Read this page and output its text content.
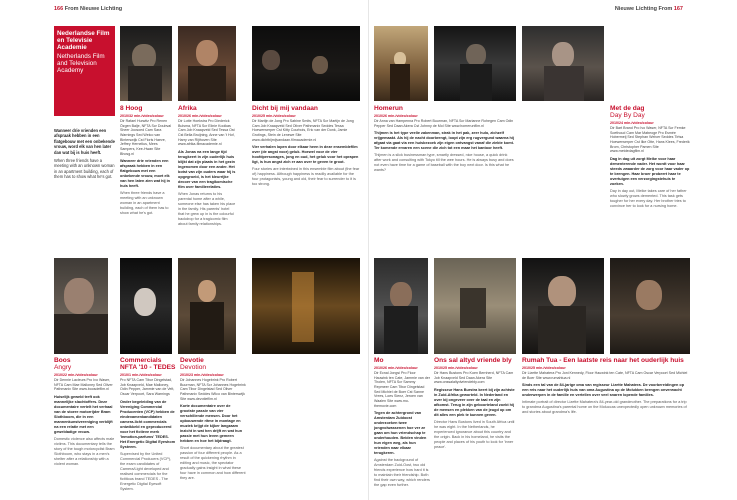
166 From Nieuwe Lichting	Nieuwe Lichting From 167
Nederlandse Film en Televisie Academie
Netherlands Film and Television Academy
Wanneer drie vrienden een afspraak hebben in een flatgebouw met een onbekende vrouw, word elk van hen later dan wat bij is huis heeft.
When three friends have a meeting with an unknown woman in an apartment building, each of them has to show what he's got.
8 Hoog
2010/32 min./video/colour
Dir Rafael Hurwitz Pro Renen Özgen Balje, NFTA Scr Doubval Sheer Joosoed Cam Sara Warnings Sed Welco van Binterswijk Cst Floris Haeve, Jeffrey Hernelius, Mees Sampers, Kee-Hwan Site Bhosg.nl
Wanneer drie vrienden een afspraak hebben in een flatgebouw met een onbekende vrouw, moet elk van hen laten zien wat hij in huis heeft.
When three friends have a meeting with an unknown woman in an apartment building, each of them has to show what he's got.
Afrika
2010/26 min./video/colour
Dir Lotte Hoekstra Pro Diederick Bulsma, NFTA Scr Elinie Kooikas Cam Job Knaapveld Sed Tessa Ost Cst Bella Bruijning, Anne van 't Hof, Harry van Rijthoven Site www.afrika-filmacademie.nl
Als Jonas na een lange tijd terugkeert in zijn ouderlijk huis blijkt dat zijn plaats in het gezin ingenomen door een ander. Het botst van zijn ouders waar hij is opgegroeid, is het kleurrijke decoer van een tragikomische film over familierelaties.
When Jonas returns to his parental home after a while, someone else has taken his place in the family. His parents' hotel that he grew up in is the colourful backdrop for a tragicomic film about family relationships.
Dicht bij mij vandaan
2010/25 min./video/colour
Dir Martijn de Jong Pro Sabine Smits, NFTA Scr Martijn de Jong Cam Job Knaapveld Sed Oliver Pathmanix Seddes Tessa Hoewerwerper Cst Kitty Courbois, Eric van der Donk, Jamie Grotings, Stein de Lenewe Site www.dichtbijmijvandaan.filmacademie.nl
Vier verhalen lopen door elkaar heen in deze ensemblefilm over (de angst voor) geluk. Hoewel voor de vier hoofdpersonages, jong en oud, het geluk voor het oprapen ligt, is hun angst zich er aan over te geven te groot.
Four stories are intertwined in this ensemble film about (the fear of) happiness. Although happiness is readily available for the four protagonists, young and old, their fear to surrender to it is too strong.
Homerun
2010/26 min./video/colour
Dir Anna van Hampenna Pro Robert Buurman, NFTA Scr Marianne Rohegen Cam Odin Pepper Sed Daan Akera Cst Johnny de Mol Site www.homerunfilm.nl
Thijmen is het type veelie zakenman, strak in het pak, zeer hulo, zichzelf vrijgemaakt. Als hij de nacht doorbrengt, loopt zijn erg rugvergund waarna hij afgaat via gaat via een huisbezoek zijn eigen ontvangst vanaf die ziekte komt. Ter komende ervaren een scene die zich tot een maar het kantoor heeft.
Thijmen is a slick businessman type, smartly dressed, nice house, a quick drink after work and consulting with Tokyo till the wee hours. He is always busy and does not even have time for a game of baseball with the boy next door. Is this what he wants?
Met de dag
Day By Day
2010/24 min./video/colour
Dir Bart Brand Pro Ivo Waser, NFTA Scr Femke Soethoud Cam Mar Mabeoge Pro Esmée Hobermeij Sed Stephan Welver Seddes Tirtsa Hoewerwerper Cst Ilke Otte, Hans Klees, Frederik Brom, Christopher Pamen Site www.metdedagfilm.nl
Dag in dag uit zorgt Meike voor haar dementerende vader. Het wordt voor haar steeds zwaarder de zorg voor haar vader op te brengen. Haar broer probeert haar te overtuigen een verzorgingstehuis te zoeken.
Day in day out, Meike takes care of her father who slowly grows demented. This task gets tougher for her every day. Her brother tries to convince her to look for a nursing home.
Boos
Angry
2010/22 min./video/colour
Dir Dennie Lacleurs Pro Ivo Waser, NFTA Cam Mae Malloney Sed Oliver Pathmanix Site www.boosdefilm.nl
Huiselijk geweld treft ook mannelijke slachtoffers. Deze documentaire vertelt het verhaal van de stoere motorrijder Bram Slothboom, die in een mannenkunstvereniging verblijft na een relatie met een geweldadige vrouw.
Domestic violence also affects male victims. This documentary tells the story of the tough motorcyclist Bram Slothboom, who stays in a men's shelter after a relationship with a violent woman.
Commercials NFTA '10 - TEDES
2010/1 min./video/colour
Pro NFTA Cam Tibor Dingelstad, Job Knaapveld, Mae Malloney, Odin Pepper, Jammie van de Velt, Oscar Verpoort, Sara Warnings
Onder begeleiding van de Vereniging Commercial Producenten (VCP) hebben de eindexamenkandidaten camera-licht commercials ontwikkeld en geproduceerd voor het fictieve merk 'Inmotion-parfums' TEDES. Het Energetic Digital Eyeshom Systeem.
Supervised by the United Commercial Producers (VCP), the exam candidates of Camera/Light developed and realised commercials for the fictitious brand TEDES - The Energetic Digital Eyesoft System.
Devotie
Devotion
2010/23 min./video/colour
Dir Johannes Hogebrink Pro Robert Buurman, NFTA Scr Johannes Hogebrink Cam Tibor Dingelstad Sed Oliver Pathmanix Seddes Wilco van Binterswijk Site www.devotiefilm.nl
Korte documentaire over de grootste passie van vier verschillende mensen. Door het opbouwende ritme in montage en muziek krijgt de kijker langzaam inzicht in wat hen drijft en wat hun passie met hun leven gemeen hebben en hoe het bijdraagt.
Short documentary about the greatest passion of four different people. As a result of the quickening rhythm in editing and music, the spectator gradually gains insight in what these four have in common and how different they are.
Mo
2010/26 min./video/colour
Dir Ecnal Jongsi Pro Floor Hauwink ten Cate, Jammie van der Tholen, NFTA Scr Sammy Repmeer Cam Tibor Dingelstad Sed Michiel de Boer Cst Sanne Vrees, Loes Sienz, Jeroen van Waalen Site www.mo-themovie.com
Tegen de achtergrond van Amsterdam Zuidoost onderzoeken twee jongvolwassenen hoe ver ze gaan om hun vriendschap te onderhouden. Beiden vinden hun eigen weg, als hun vrienden naar elkaar terugkeren.
Against the background of Amsterdam Zuid-Oost, two old friends experience how hard it is to maintain their friendship. Both find their own way, which renders the gap even further.
Ons sal altyd vriende bly
2010/25 min./video/colour
Dir Hans Bustons Pro Koen Bernherd, NFTA Cam Job Knaapveld Sed Daan Akera Site www.onssalaltydvriendebly.com
Regisseur Hans Burstra keert bij zijn achtste in Zuid-Afrika geworteld. In Nederland en over bij ongeveer over de taal en zijn afkomst. Terug in zijn geboorteland zoekt hij de mensen en plekken van de jeugd op om dit alles een plek te kunnen geven.
Director Hans Bustons lived in South Africa until he was eight. In the Netherlands, he experienced ignorance about this country and the origin. Back in his homeland, he visits the people and places of his youth to look for 'inner peace'.
Rumah Tua - Een laatste reis naar het ouderlijk huis
2010/25 min./video/colour
Dir Lizette Mahatera Pro Joni Kennedy, Floor Hauwink ten Cate, NFTA Cam Oscar Verpoort Sed Michiel de Boer Site www.rumahtua.nl
Sinds een tal van de 84-jarige oma van regisseur Lizette Mahatera. De voorbereidingen op een reis naar het ouderlijk huis van oma Augustina op de Molukken brengen onverwacht onderwerpen in de familie en vertellen over veel snaren lopende families.
Intimate portrait of director Lizette Mahatera's 84-year-old grandmother. The preparations for a trip to grandma Augustina's parental home on the Moluccas unexpectedly open unknown memories of and stories about grandma's life.
